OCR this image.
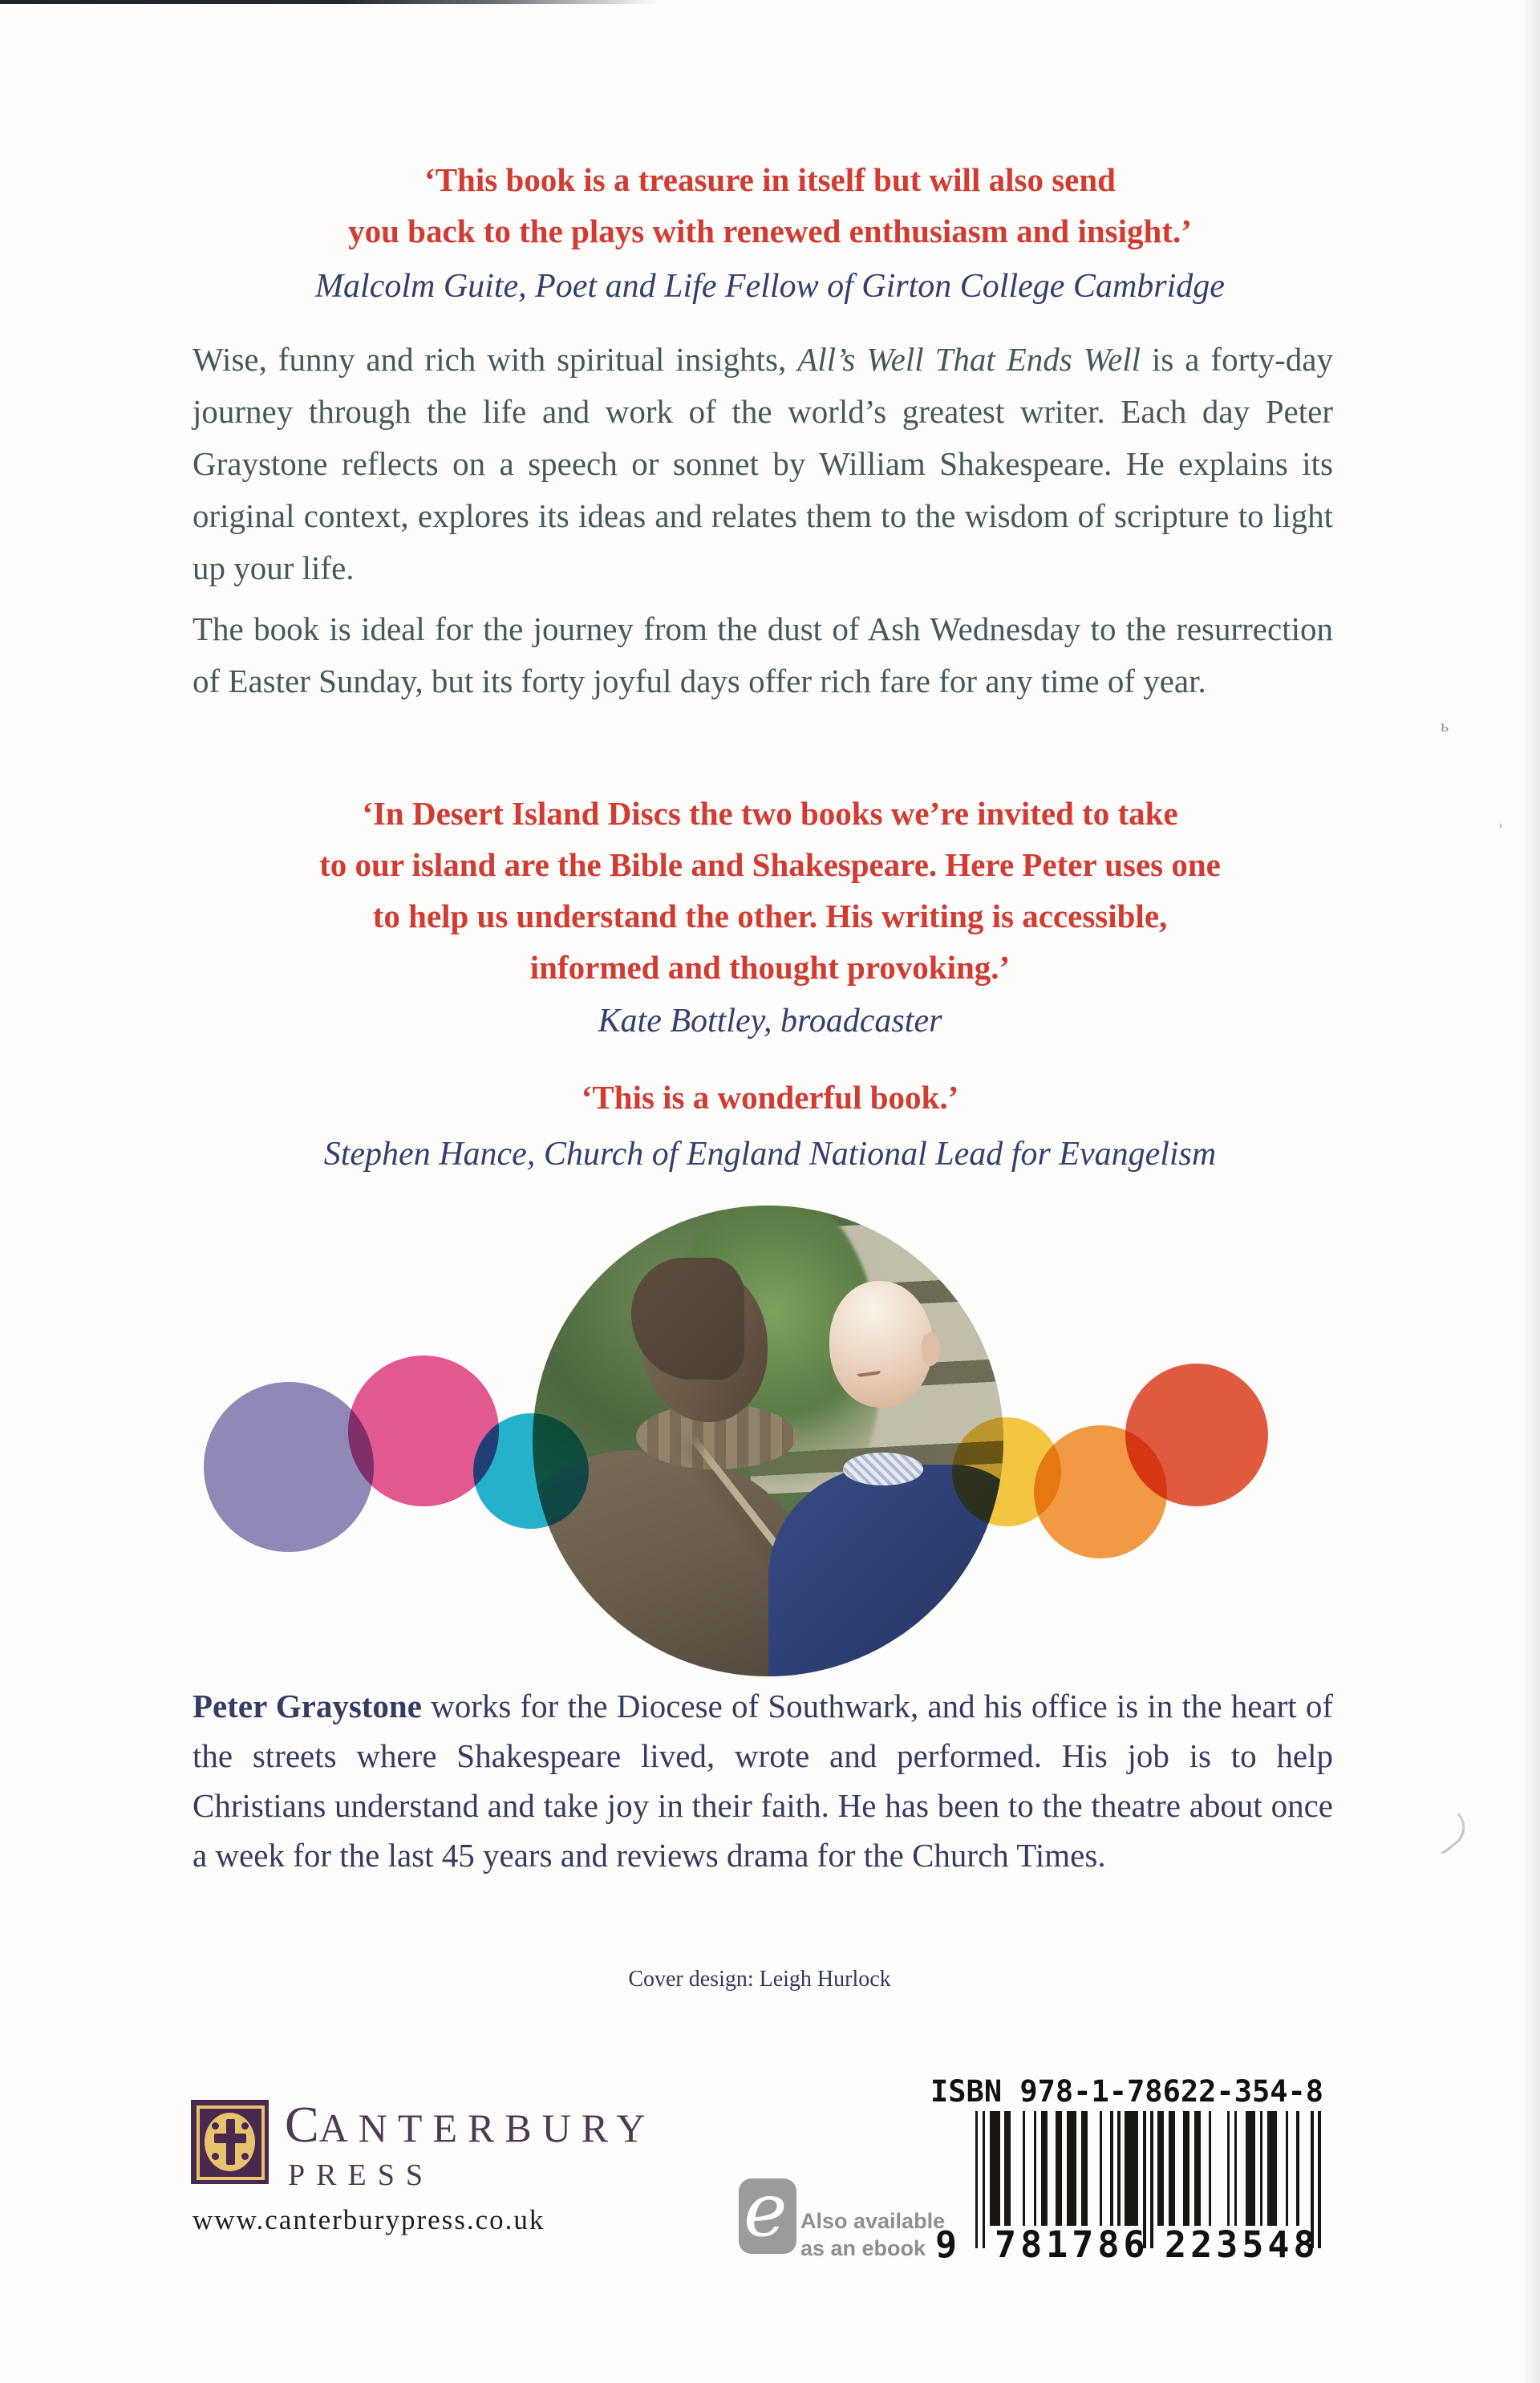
ь
›
‘This book is a treasure in itself but will also send
you back to the plays with renewed enthusiasm and insight.’
Malcolm Guite, Poet and Life Fellow of Girton College Cambridge

Wise, funny and rich with spiritual insights, All’s Well That Ends Well is a forty-day journey through the life and work of the world’s greatest writer. Each day Peter Graystone reflects on a speech or sonnet by William Shakespeare. He explains its original context, explores its ideas and relates them to the wisdom of scripture to light up your life.

The book is ideal for the journey from the dust of Ash Wednesday to the resurrection of Easter Sunday, but its forty joyful days offer rich fare for any time of year.

‘In Desert Island Discs the two books we’re invited to take
to our island are the Bible and Shakespeare. Here Peter uses one
to help us understand the other. His writing is accessible,
informed and thought provoking.’
Kate Bottley, broadcaster
‘This is a wonderful book.’
Stephen Hance, Church of England National Lead for Evangelism

Peter Graystone works for the Diocese of Southwark, and his office is in the heart of the streets where Shakespeare lived, wrote and performed. His job is to help Christians understand and take joy in their faith. He has been to the theatre about once a week for the last 45 years and reviews drama for the Church Times.

Cover design: Leigh Hurlock
CANTERBURY
PRESS
www.canterburypress.co.uk	e Also available
as an ebook
ISBN 978-1-78622-354-8
9 781786 223548
